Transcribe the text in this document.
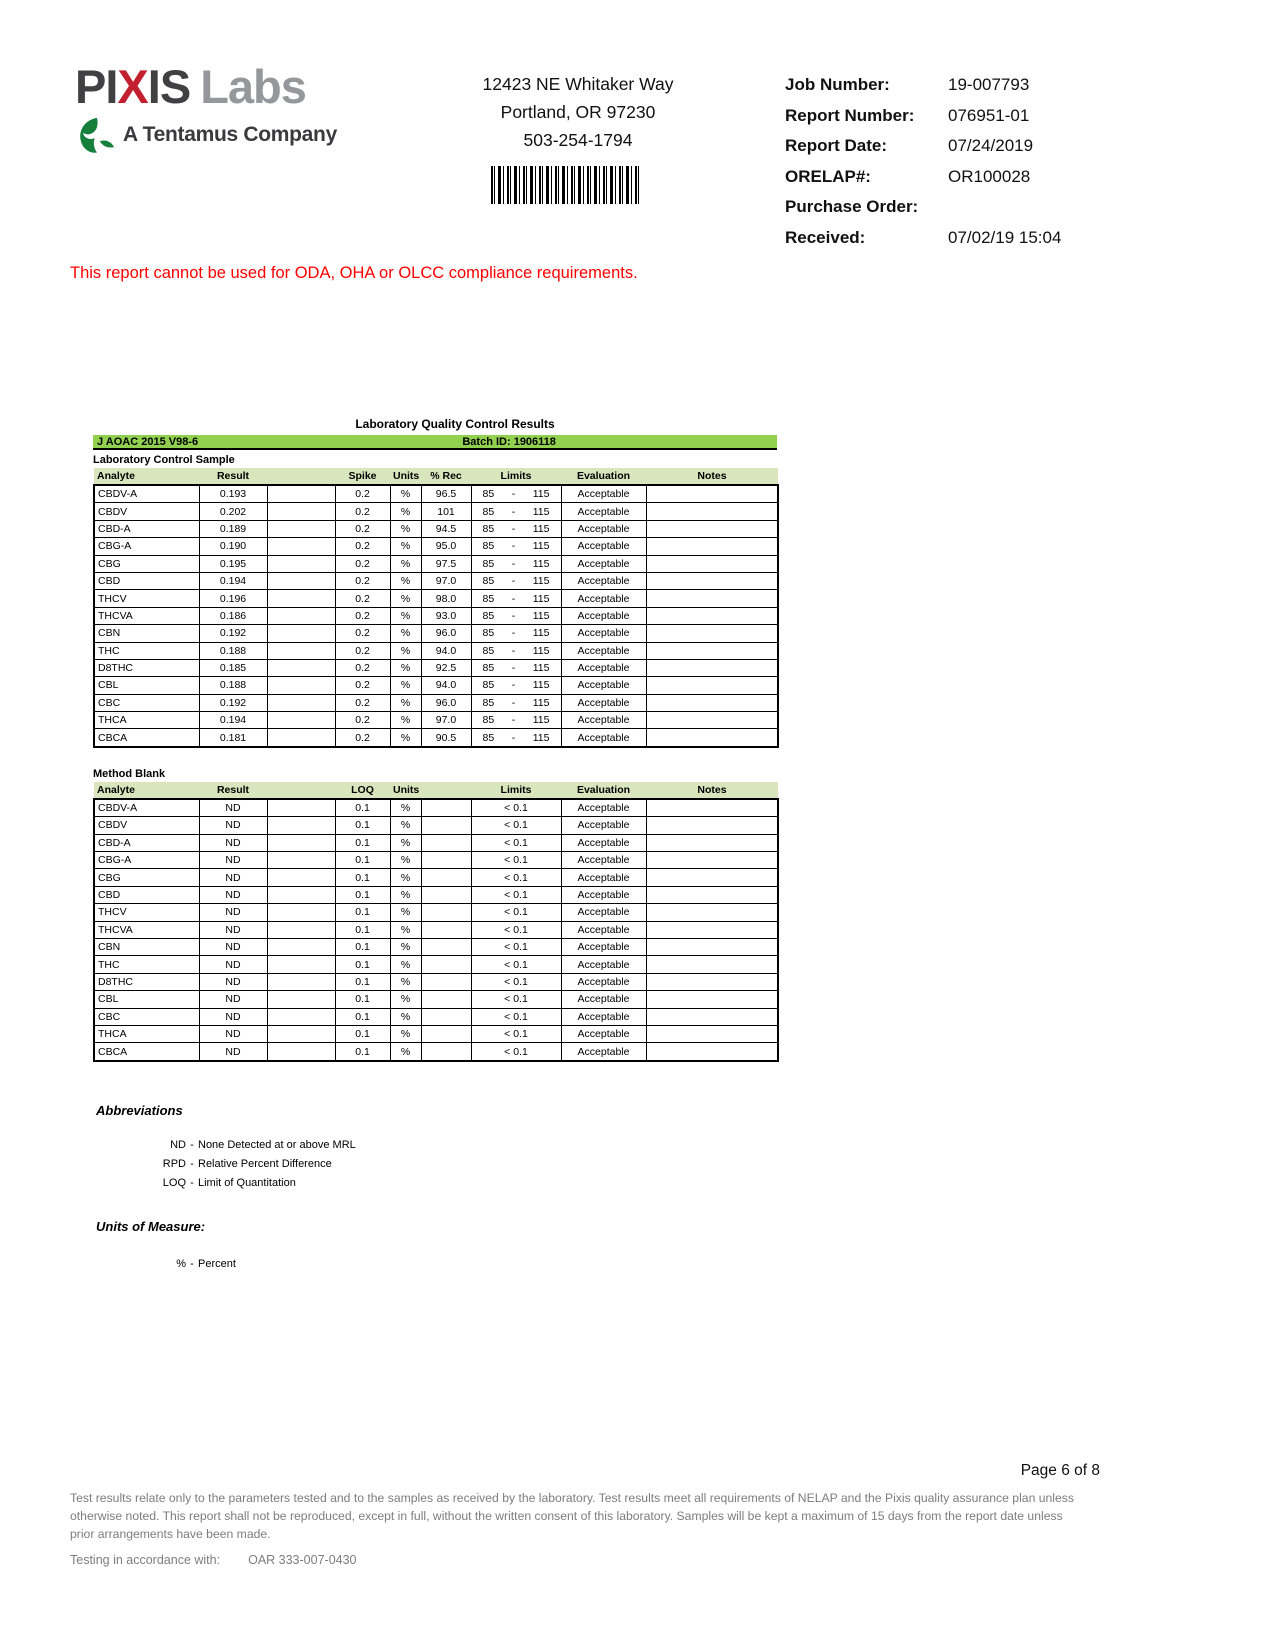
PIXIS Labs
A Tentamus Company
12423 NE Whitaker Way
Portland, OR 97230
503-254-1794
Job Number:	19-007793
Report Number:	076951-01
Report Date:	07/24/2019
ORELAP#:	OR100028
Purchase Order:
Received:	07/02/19 15:04
This report cannot be used for ODA, OHA or OLCC compliance requirements.
Laboratory Quality Control Results
J AOAC 2015 V98-6	Batch ID: 1906118
Laboratory Control Sample
Analyte	Result		Spike	Units	% Rec	Limits	Evaluation	Notes
CBDV-A	0.193		0.2	%	96.5	85 - 115	Acceptable	
CBDV	0.202		0.2	%	101	85 - 115	Acceptable	
CBD-A	0.189		0.2	%	94.5	85 - 115	Acceptable	
CBG-A	0.190		0.2	%	95.0	85 - 115	Acceptable	
CBG	0.195		0.2	%	97.5	85 - 115	Acceptable	
CBD	0.194		0.2	%	97.0	85 - 115	Acceptable	
THCV	0.196		0.2	%	98.0	85 - 115	Acceptable	
THCVA	0.186		0.2	%	93.0	85 - 115	Acceptable	
CBN	0.192		0.2	%	96.0	85 - 115	Acceptable	
THC	0.188		0.2	%	94.0	85 - 115	Acceptable	
D8THC	0.185		0.2	%	92.5	85 - 115	Acceptable	
CBL	0.188		0.2	%	94.0	85 - 115	Acceptable	
CBC	0.192		0.2	%	96.0	85 - 115	Acceptable	
THCA	0.194		0.2	%	97.0	85 - 115	Acceptable	
CBCA	0.181		0.2	%	90.5	85 - 115	Acceptable	
Method Blank
Analyte	Result		LOQ	Units		Limits	Evaluation	Notes
CBDV-A	ND		0.1	%		< 0.1	Acceptable	
CBDV	ND		0.1	%		< 0.1	Acceptable	
CBD-A	ND		0.1	%		< 0.1	Acceptable	
CBG-A	ND		0.1	%		< 0.1	Acceptable	
CBG	ND		0.1	%		< 0.1	Acceptable	
CBD	ND		0.1	%		< 0.1	Acceptable	
THCV	ND		0.1	%		< 0.1	Acceptable	
THCVA	ND		0.1	%		< 0.1	Acceptable	
CBN	ND		0.1	%		< 0.1	Acceptable	
THC	ND		0.1	%		< 0.1	Acceptable	
D8THC	ND		0.1	%		< 0.1	Acceptable	
CBL	ND		0.1	%		< 0.1	Acceptable	
CBC	ND		0.1	%		< 0.1	Acceptable	
THCA	ND		0.1	%		< 0.1	Acceptable	
CBCA	ND		0.1	%		< 0.1	Acceptable	
Abbreviations
ND - None Detected at or above MRL
RPD - Relative Percent Difference
LOQ - Limit of Quantitation
Units of Measure:
% - Percent
Page 6 of 8
Test results relate only to the parameters tested and to the samples as received by the laboratory. Test results meet all requirements of NELAP and the Pixis quality assurance plan unless otherwise noted. This report shall not be reproduced, except in full, without the written consent of this laboratory. Samples will be kept a maximum of 15 days from the report date unless prior arrangements have been made.
Testing in accordance with: OAR 333-007-0430
